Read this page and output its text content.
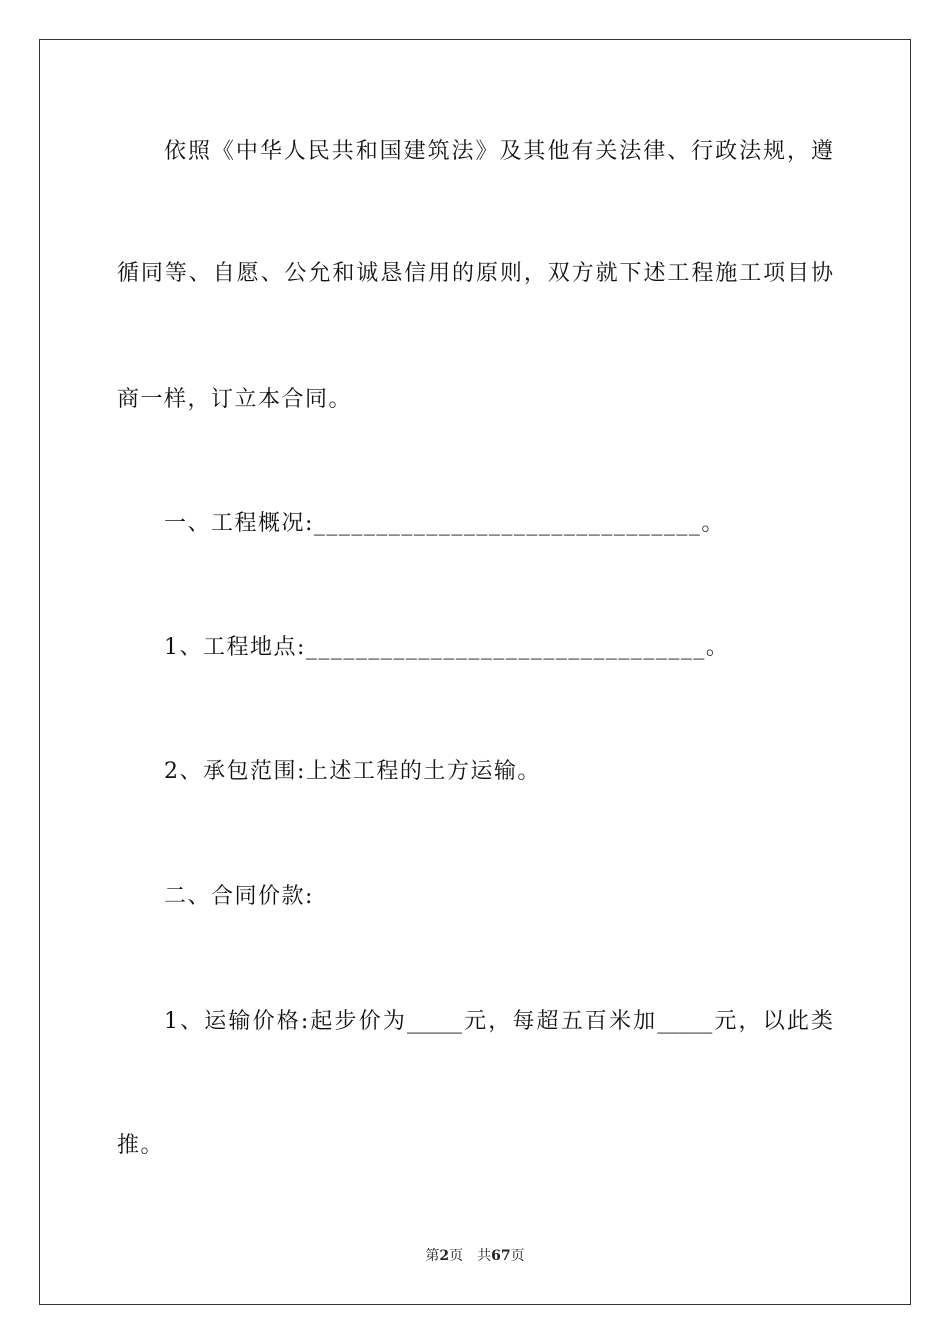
依照《中华人民共和国建筑法》及其他有关法律、行政法规，遵
循同等、自愿、公允和诚恳信用的原则，双方就下述工程施工项目协
商一样，订立本合同。
一、工程概况:_______________________________。
1、工程地点:________________________________。
2、承包范围:上述工程的土方运输。
二、合同价款:
1、运输价格:起步价为_____元，每超五百米加_____元，以此类
推。
第2页 共67页
